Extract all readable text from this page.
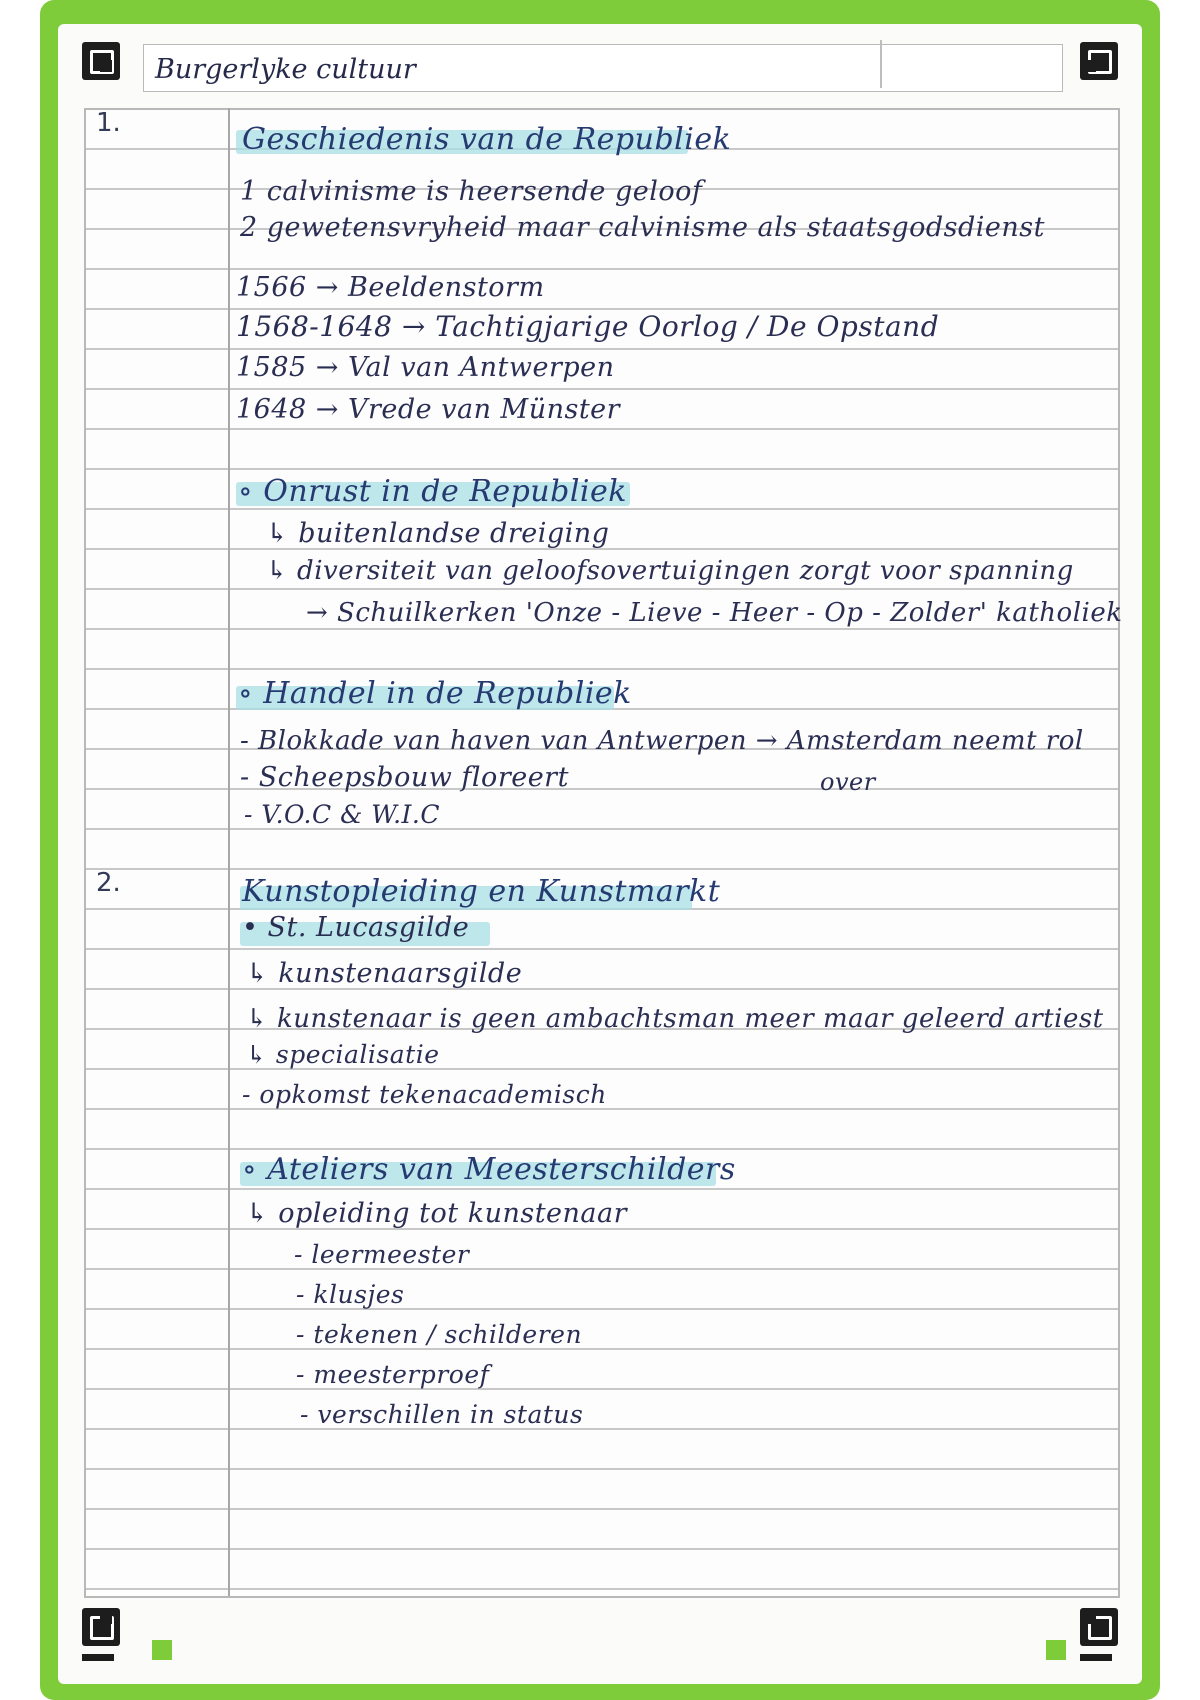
Burgerlyke cultuur
1.
2.
Geschiedenis van de Republiek
1 calvinisme is heersende geloof
2 gewetensvryheid maar calvinisme als staatsgodsdienst
1566 → Beeldenstorm
1568-1648 → Tachtigjarige Oorlog / De Opstand
1585 → Val van Antwerpen
1648 → Vrede van Münster
∘ Onrust in de Republiek
↳ buitenlandse dreiging
↳ diversiteit van geloofsovertuigingen zorgt voor spanning
→ Schuilkerken 'Onze - Lieve - Heer - Op - Zolder' katholiek
∘ Handel in de Republiek
- Blokkade van haven van Antwerpen → Amsterdam neemt rol
over
- Scheepsbouw floreert
- V.O.C & W.I.C
Kunstopleiding en Kunstmarkt
• St. Lucasgilde
↳ kunstenaarsgilde
↳ kunstenaar is geen ambachtsman meer maar geleerd artiest
↳ specialisatie
- opkomst tekenacademisch
∘ Ateliers van Meesterschilders
↳ opleiding tot kunstenaar
- leermeester
- klusjes
- tekenen / schilderen
- meesterproef
- verschillen in status
